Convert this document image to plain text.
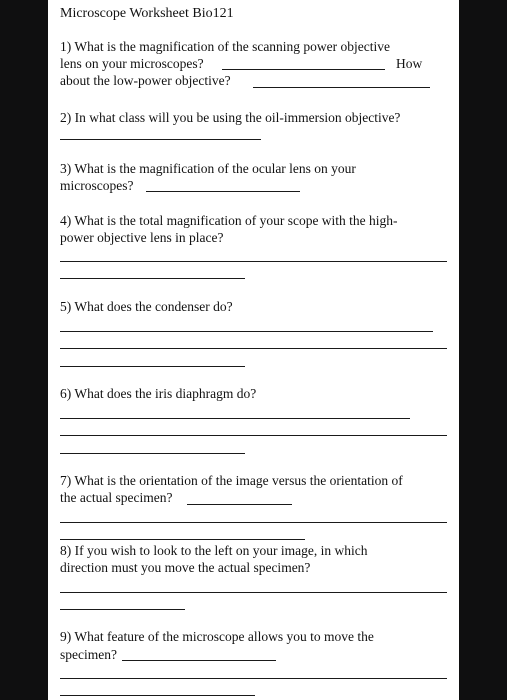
Microscope Worksheet Bio121
1) What is the magnification of the scanning power objective
lens on your microscopes?	How
about the low-power objective?
2) In what class will you be using the oil-immersion objective?
3) What is the magnification of the ocular lens on your
microscopes?
4) What is the total magnification of your scope with the high-
power objective lens in place?
5) What does the condenser do?
6) What does the iris diaphragm do?
7) What is the orientation of the image versus the orientation of
the actual specimen?
8) If you wish to look to the left on your image, in which
direction must you move the actual specimen?
9) What feature of the microscope allows you to move the
specimen?
